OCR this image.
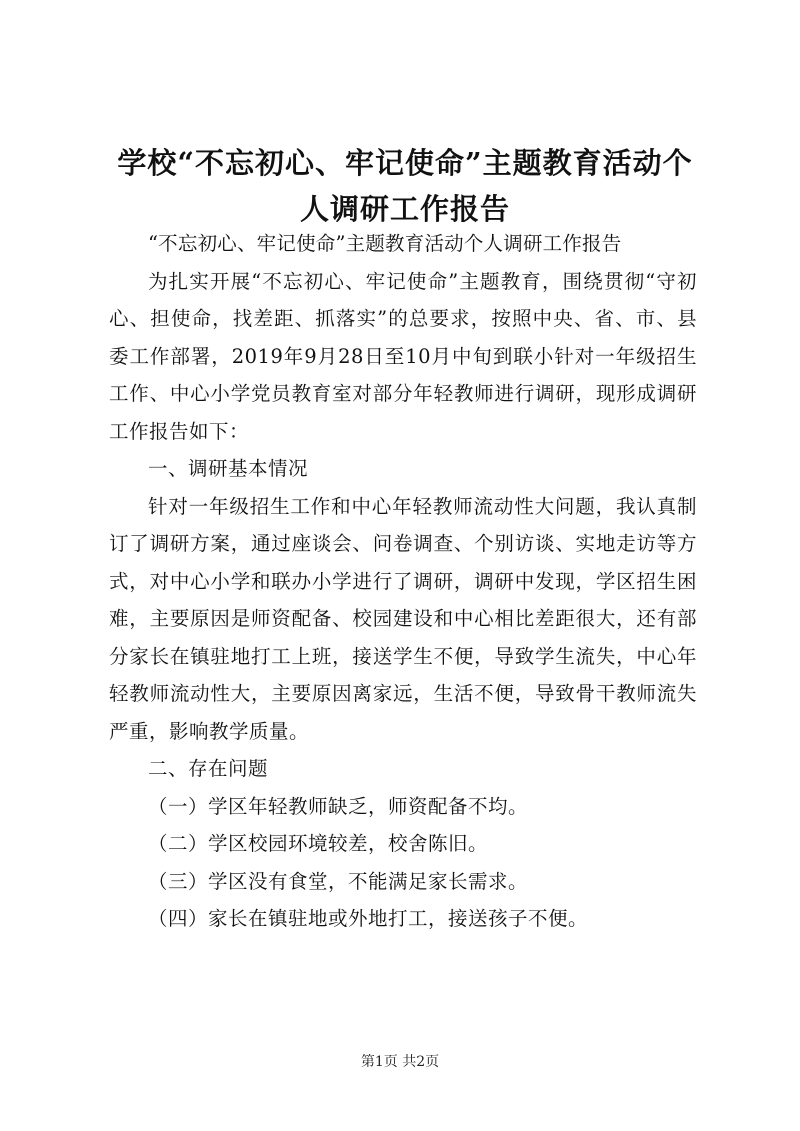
学校“不忘初心、牢记使命”主题教育活动个
人调研工作报告

“不忘初心、牢记使命”主题教育活动个人调研工作报告

为扎实开展“不忘初心、牢记使命”主题教育，围绕贯彻“守初心、担使命，找差距、抓落实”的总要求，按照中央、省、市、县委工作部署，2019年9月28日至10月中旬到联小针对一年级招生工作、中心小学党员教育室对部分年轻教师进行调研，现形成调研工作报告如下：

一、调研基本情况

针对一年级招生工作和中心年轻教师流动性大问题，我认真制订了调研方案，通过座谈会、问卷调查、个别访谈、实地走访等方式，对中心小学和联办小学进行了调研，调研中发现，学区招生困难，主要原因是师资配备、校园建设和中心相比差距很大，还有部分家长在镇驻地打工上班，接送学生不便，导致学生流失，中心年轻教师流动性大，主要原因离家远，生活不便，导致骨干教师流失严重，影响教学质量。

二、存在问题

（一）学区年轻教师缺乏，师资配备不均。

（二）学区校园环境较差，校舍陈旧。

（三）学区没有食堂，不能满足家长需求。

（四）家长在镇驻地或外地打工，接送孩子不便。

第1页 共2页
